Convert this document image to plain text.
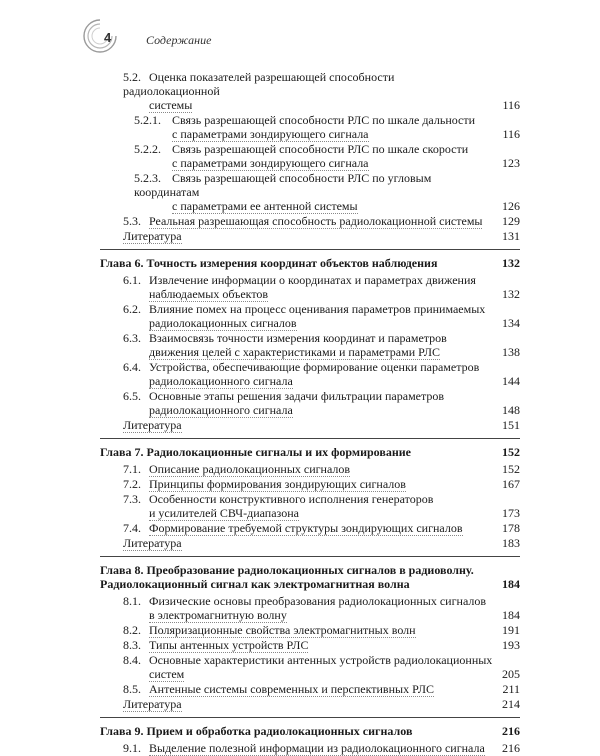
4	Содержание
5.2. Оценка показателей разрешающей способности радиолокационной
системы	116
5.2.1. Связь разрешающей способности РЛС по шкале дальности
с параметрами зондирующего сигнала	116
5.2.2. Связь разрешающей способности РЛС по шкале скорости
с параметрами зондирующего сигнала	123
5.2.3. Связь разрешающей способности РЛС по угловым координатам
с параметрами ее антенной системы	126
5.3. Реальная разрешающая способность радиолокационной системы	129
Литература	131
Глава 6. Точность измерения координат объектов наблюдения	132
6.1. Извлечение информации о координатах и параметрах движения
наблюдаемых объектов	132
6.2. Влияние помех на процесс оценивания параметров принимаемых
радиолокационных сигналов	134
6.3. Взаимосвязь точности измерения координат и параметров
движения целей с характеристиками и параметрами РЛС	138
6.4. Устройства, обеспечивающие формирование оценки параметров
радиолокационного сигнала	144
6.5. Основные этапы решения задачи фильтрации параметров
радиолокационного сигнала	148
Литература	151
Глава 7. Радиолокационные сигналы и их формирование	152
7.1. Описание радиолокационных сигналов	152
7.2. Принципы формирования зондирующих сигналов	167
7.3. Особенности конструктивного исполнения генераторов
и усилителей СВЧ-диапазона	173
7.4. Формирование требуемой структуры зондирующих сигналов	178
Литература	183
Глава 8. Преобразование радиолокационных сигналов в радиоволну.
Радиолокационный сигнал как электромагнитная волна	184
8.1. Физические основы преобразования радиолокационных сигналов
в электромагнитную волну	184
8.2. Поляризационные свойства электромагнитных волн	191
8.3. Типы антенных устройств РЛС	193
8.4. Основные характеристики антенных устройств радиолокационных
систем	205
8.5. Антенные системы современных и перспективных РЛС	211
Литература	214
Глава 9. Прием и обработка радиолокационных сигналов	216
9.1. Выделение полезной информации из радиолокационного сигнала	216
